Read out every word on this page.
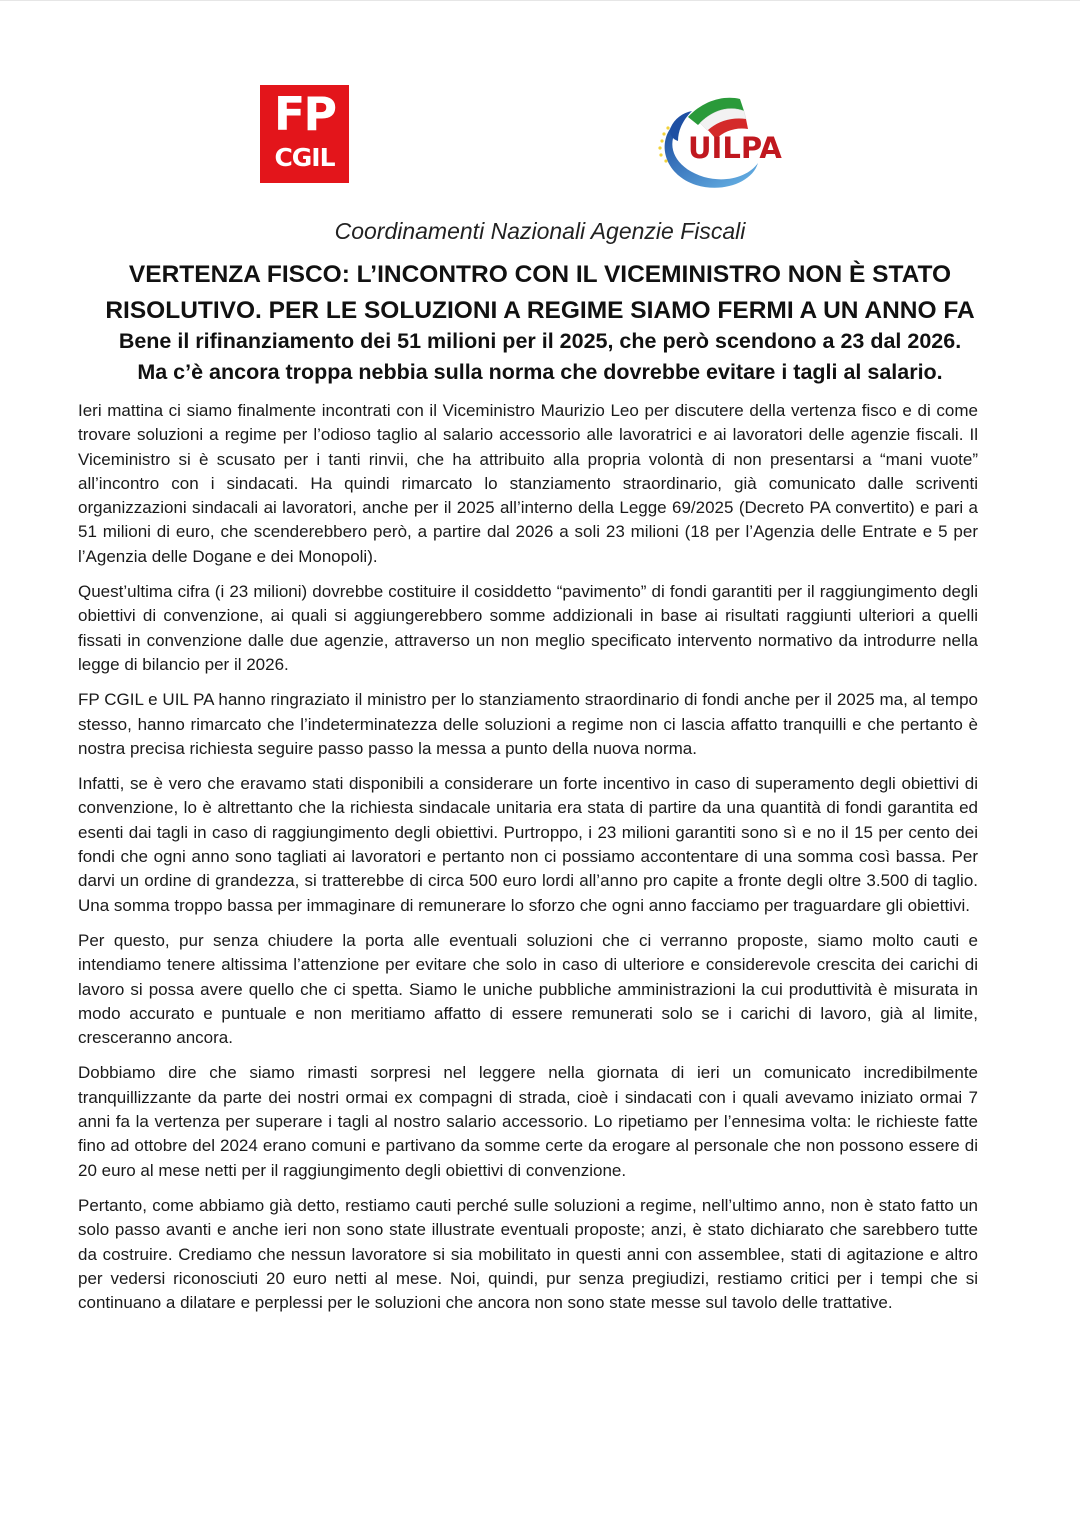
FP
CGIL	UILPA
Coordinamenti Nazionali Agenzie Fiscali
VERTENZA FISCO: L’INCONTRO CON IL VICEMINISTRO NON È STATO
RISOLUTIVO. PER LE SOLUZIONI A REGIME SIAMO FERMI A UN ANNO FA
Bene il rifinanziamento dei 51 milioni per il 2025, che però scendono a 23 dal 2026.
Ma c’è ancora troppa nebbia sulla norma che dovrebbe evitare i tagli al salario.

Ieri mattina ci siamo finalmente incontrati con il Viceministro Maurizio Leo per discutere della vertenza fisco e di come trovare soluzioni a regime per l’odioso taglio al salario accessorio alle lavoratrici e ai lavoratori delle agenzie fiscali. Il Viceministro si è scusato per i tanti rinvii, che ha attribuito alla propria volontà di non presentarsi a “mani vuote” all’incontro con i sindacati. Ha quindi rimarcato lo stanziamento straordinario, già comunicato dalle scriventi organizzazioni sindacali ai lavoratori, anche per il 2025 all’interno della Legge 69/2025 (Decreto PA convertito) e pari a 51 milioni di euro, che scenderebbero però, a partire dal 2026 a soli 23 milioni (18 per l’Agenzia delle Entrate e 5 per l’Agenzia delle Dogane e dei Monopoli).

Quest’ultima cifra (i 23 milioni) dovrebbe costituire il cosiddetto “pavimento” di fondi garantiti per il raggiungimento degli obiettivi di convenzione, ai quali si aggiungerebbero somme addizionali in base ai risultati raggiunti ulteriori a quelli fissati in convenzione dalle due agenzie, attraverso un non meglio specificato intervento normativo da introdurre nella legge di bilancio per il 2026.

FP CGIL e UIL PA hanno ringraziato il ministro per lo stanziamento straordinario di fondi anche per il 2025 ma, al tempo stesso, hanno rimarcato che l’indeterminatezza delle soluzioni a regime non ci lascia affatto tranquilli e che pertanto è nostra precisa richiesta seguire passo passo la messa a punto della nuova norma.

Infatti, se è vero che eravamo stati disponibili a considerare un forte incentivo in caso di superamento degli obiettivi di convenzione, lo è altrettanto che la richiesta sindacale unitaria era stata di partire da una quantità di fondi garantita ed esenti dai tagli in caso di raggiungimento degli obiettivi. Purtroppo, i 23 milioni garantiti sono sì e no il 15 per cento dei fondi che ogni anno sono tagliati ai lavoratori e pertanto non ci possiamo accontentare di una somma così bassa. Per darvi un ordine di grandezza, si tratterebbe di circa 500 euro lordi all’anno pro capite a fronte degli oltre 3.500 di taglio. Una somma troppo bassa per immaginare di remunerare lo sforzo che ogni anno facciamo per traguardare gli obiettivi.

Per questo, pur senza chiudere la porta alle eventuali soluzioni che ci verranno proposte, siamo molto cauti e intendiamo tenere altissima l’attenzione per evitare che solo in caso di ulteriore e considerevole crescita dei carichi di lavoro si possa avere quello che ci spetta. Siamo le uniche pubbliche amministrazioni la cui produttività è misurata in modo accurato e puntuale e non meritiamo affatto di essere remunerati solo se i carichi di lavoro, già al limite, cresceranno ancora.

Dobbiamo dire che siamo rimasti sorpresi nel leggere nella giornata di ieri un comunicato incredibilmente tranquillizzante da parte dei nostri ormai ex compagni di strada, cioè i sindacati con i quali avevamo iniziato ormai 7 anni fa la vertenza per superare i tagli al nostro salario accessorio. Lo ripetiamo per l’ennesima volta: le richieste fatte fino ad ottobre del 2024 erano comuni e partivano da somme certe da erogare al personale che non possono essere di 20 euro al mese netti per il raggiungimento degli obiettivi di convenzione.

Pertanto, come abbiamo già detto, restiamo cauti perché sulle soluzioni a regime, nell’ultimo anno, non è stato fatto un solo passo avanti e anche ieri non sono state illustrate eventuali proposte; anzi, è stato dichiarato che sarebbero tutte da costruire. Crediamo che nessun lavoratore si sia mobilitato in questi anni con assemblee, stati di agitazione e altro per vedersi riconosciuti 20 euro netti al mese. Noi, quindi, pur senza pregiudizi, restiamo critici per i tempi che si continuano a dilatare e perplessi per le soluzioni che ancora non sono state messe sul tavolo delle trattative.
